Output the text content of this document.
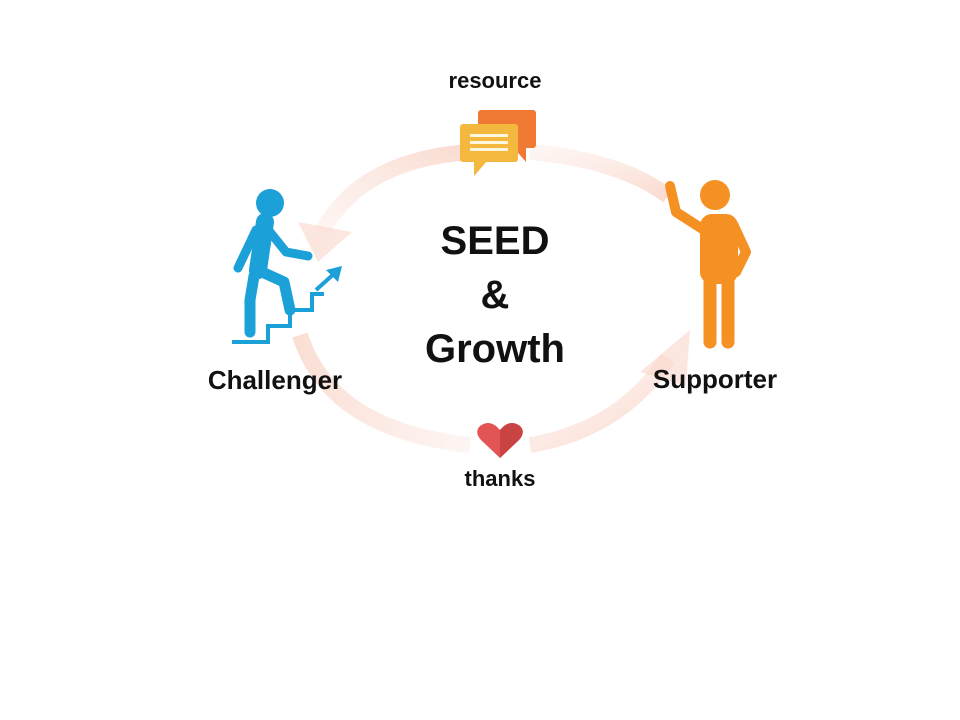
resource
thanks
Challenger	Supporter
SEED
&
Growth
